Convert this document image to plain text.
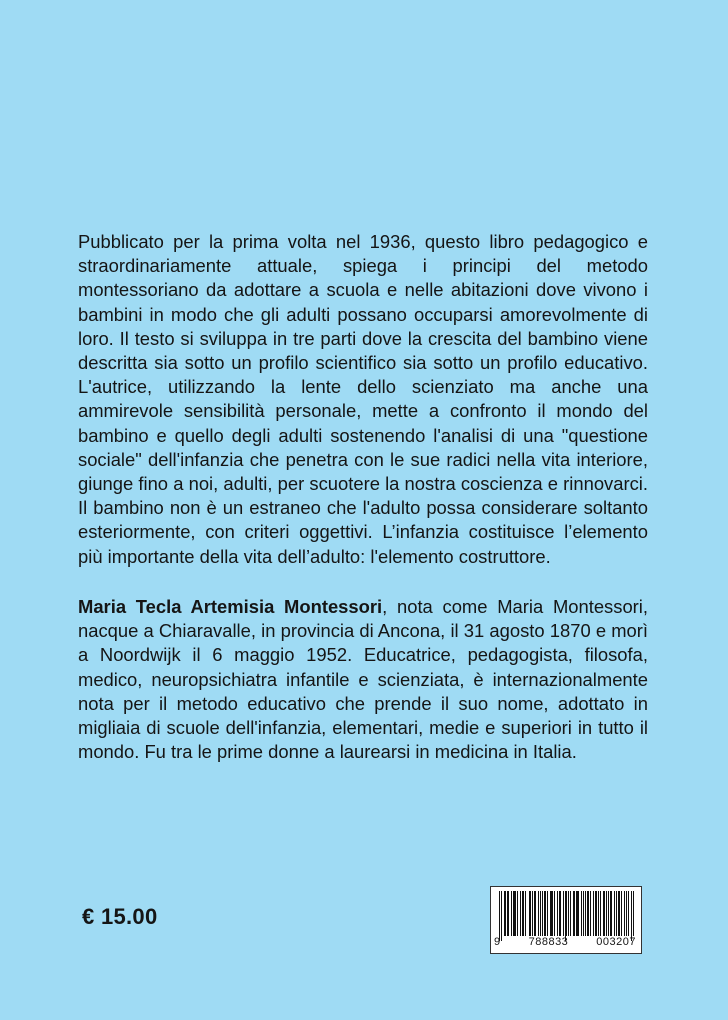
Pubblicato per la prima volta nel 1936, questo libro pedagogico e straordinariamente attuale, spiega i principi del metodo montessoriano da adottare a scuola e nelle abitazioni dove vivono i bambini in modo che gli adulti possano occuparsi amorevolmente di loro. Il testo si sviluppa in tre parti dove la crescita del bambino viene descritta sia sotto un profilo scientifico sia sotto un profilo educativo. L'autrice, utilizzando la lente dello scienziato ma anche una ammirevole sensibilità personale, mette a confronto il mondo del bambino e quello degli adulti sostenendo l'analisi di una "questione sociale" dell'infanzia che penetra con le sue radici nella vita interiore, giunge fino a noi, adulti, per scuotere la nostra coscienza e rinnovarci. Il bambino non è un estraneo che l'adulto possa considerare soltanto esteriormente, con criteri oggettivi. L’infanzia costituisce l’elemento più importante della vita dell’adulto: l'elemento costruttore.

Maria Tecla Artemisia Montessori, nota come Maria Montessori, nacque a Chiaravalle, in provincia di Ancona, il 31 agosto 1870 e morì a Noordwijk il 6 maggio 1952. Educatrice, pedagogista, filosofa, medico, neuropsichiatra infantile e scienziata, è internazionalmente nota per il metodo educativo che prende il suo nome, adottato in migliaia di scuole dell'infanzia, elementari, medie e superiori in tutto il mondo. Fu tra le prime donne a laurearsi in medicina in Italia.

€ 15.00
9	788833	003207
